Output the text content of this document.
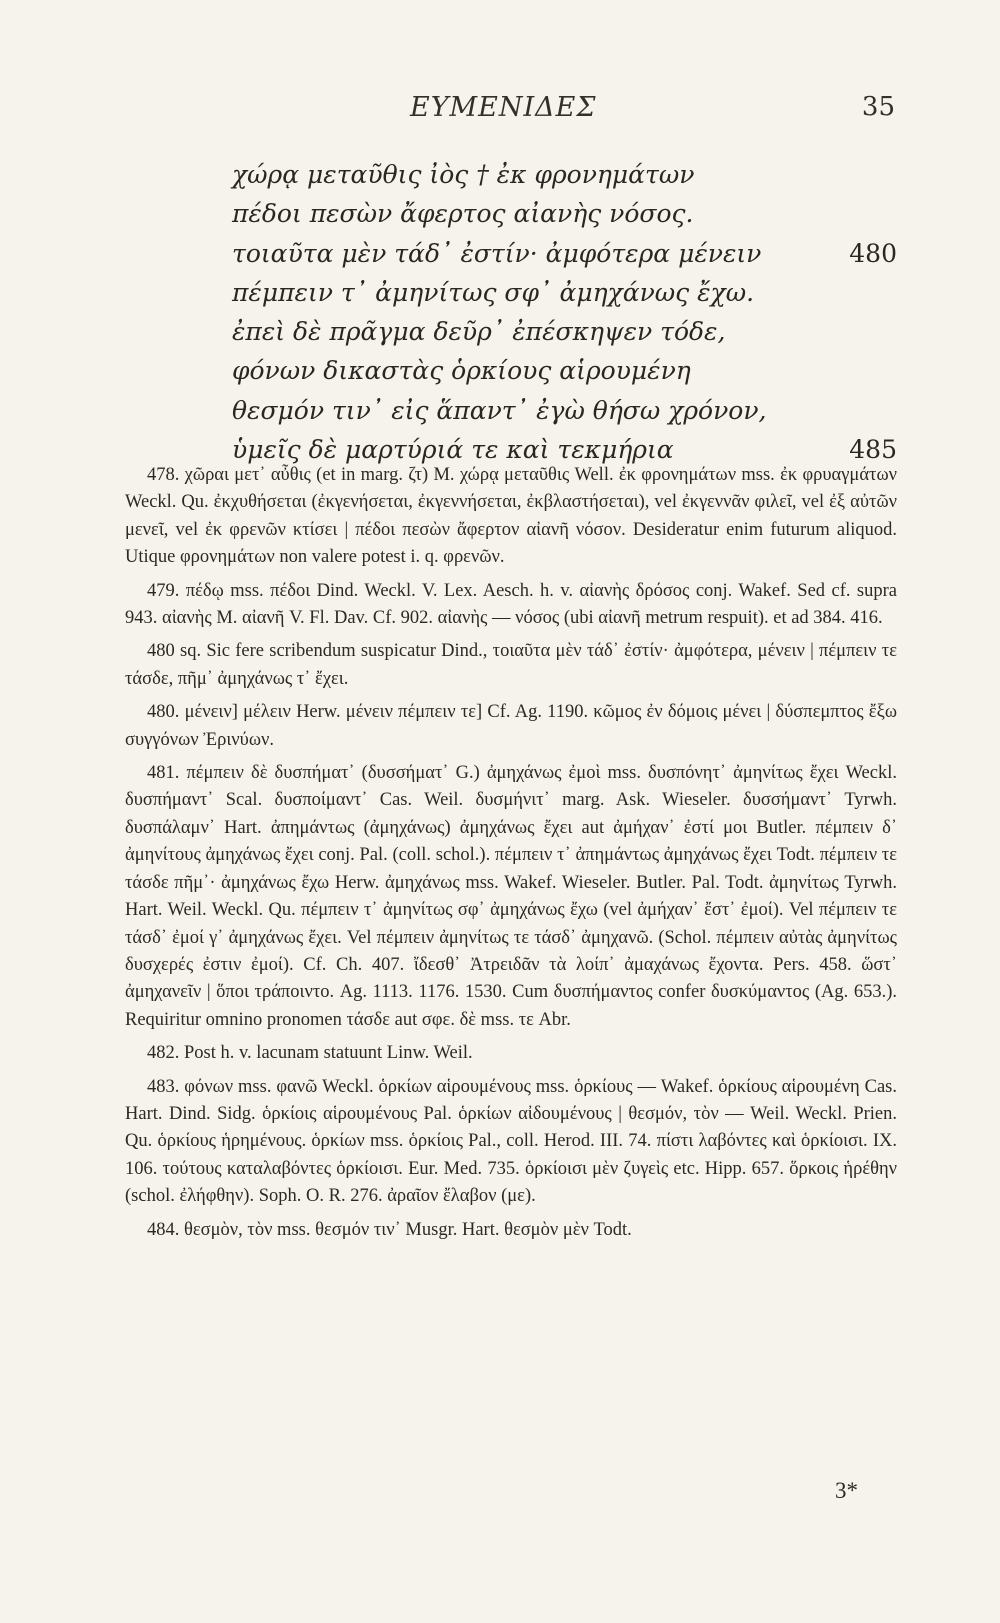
ΕΥΜΕΝΙΔΕΣ	35
χώρᾳ μεταῦθις ἰὸς † ἐκ φρονημάτων
πέδοι πεσὼν ἄφερτος αἰανὴς νόσος.
τοιαῦτα μὲν τάδ᾽ ἐστίν· ἀμφότερα μένειν	480
πέμπειν τ᾽ ἀμηνίτως σφ᾽ ἀμηχάνως ἔχω.
ἐπεὶ δὲ πρᾶγμα δεῦρ᾽ ἐπέσκηψεν τόδε,
φόνων δικαστὰς ὁρκίους αἱρουμένη
θεσμόν τιν᾽ εἰς ἅπαντ᾽ ἐγὼ θήσω χρόνον,
ὑμεῖς δὲ μαρτύριά τε καὶ τεκμήρια	485

478. χῶραι μετ᾽ αὖθις (et in marg. ζτ) M. χώρᾳ μεταῦθις Well. ἐκ φρονημάτων mss. ἐκ φρυαγμάτων Weckl. Qu. ἐκχυθήσεται (ἐκγενήσεται, ἐκγεννήσεται, ἐκβλαστήσεται), vel ἐκγεννᾶν φιλεῖ, vel ἐξ αὐτῶν μενεῖ, vel ἐκ φρενῶν κτίσει | πέδοι πεσὼν ἄφερτον αἰανῆ νόσον. Desideratur enim futurum aliquod. Utique φρονημάτων non valere potest i. q. φρενῶν.

479. πέδῳ mss. πέδοι Dind. Weckl. V. Lex. Aesch. h. v. αἰανὴς δρόσος conj. Wakef. Sed cf. supra 943. αἰανὴς M. αἰανῆ V. Fl. Dav. Cf. 902. αἰανὴς — νόσος (ubi αἰανῆ metrum respuit). et ad 384. 416.

480 sq. Sic fere scribendum suspicatur Dind., τοιαῦτα μὲν τάδ᾽ ἐστίν· ἀμφότερα, μένειν | πέμπειν τε τάσδε, πῆμ᾽ ἀμηχάνως τ᾽ ἔχει.

480. μένειν] μέλειν Herw. μένειν πέμπειν τε] Cf. Ag. 1190. κῶμος ἐν δόμοις μένει | δύσπεμπτος ἔξω συγγόνων Ἐρινύων.

481. πέμπειν δὲ δυσπήματ᾽ (δυσσήματ᾽ G.) ἀμηχάνως ἐμοὶ mss. δυσπόνητ᾽ ἀμηνίτως ἔχει Weckl. δυσπήμαντ᾽ Scal. δυσποίμαντ᾽ Cas. Weil. δυσμήνιτ᾽ marg. Ask. Wieseler. δυσσήμαντ᾽ Tyrwh. δυσπάλαμν᾽ Hart. ἀπημάντως (ἀμηχάνως) ἀμηχάνως ἔχει aut ἀμήχαν᾽ ἐστί μοι Butler. πέμπειν δ᾽ ἀμηνίτους ἀμηχάνως ἔχει conj. Pal. (coll. schol.). πέμπειν τ᾽ ἀπημάντως ἀμηχάνως ἔχει Todt. πέμπειν τε τάσδε πῆμ᾽· ἀμηχάνως ἔχω Herw. ἀμηχάνως mss. Wakef. Wieseler. Butler. Pal. Todt. ἀμηνίτως Tyrwh. Hart. Weil. Weckl. Qu. πέμπειν τ᾽ ἀμηνίτως σφ᾽ ἀμηχάνως ἔχω (vel ἀμήχαν᾽ ἔστ᾽ ἐμοί). Vel πέμπειν τε τάσδ᾽ ἐμοί γ᾽ ἀμηχάνως ἔχει. Vel πέμπειν ἀμηνίτως τε τάσδ᾽ ἀμηχανῶ. (Schol. πέμπειν αὐτὰς ἀμηνίτως δυσχερές ἐστιν ἐμοί). Cf. Ch. 407. ἴδεσθ᾽ Ἀτρειδᾶν τὰ λοίπ᾽ ἀμαχάνως ἔχοντα. Pers. 458. ὥστ᾽ ἀμηχανεῖν | ὅποι τράποιντο. Ag. 1113. 1176. 1530. Cum δυσπήμαντος confer δυσκύμαντος (Ag. 653.). Requiritur omnino pronomen τάσδε aut σφε. δὲ mss. τε Abr.

482. Post h. v. lacunam statuunt Linw. Weil.

483. φόνων mss. φανῶ Weckl. ὁρκίων αἱρουμένους mss. ὁρκίους — Wakef. ὁρκίους αἱρουμένη Cas. Hart. Dind. Sidg. ὁρκίοις αἱρουμένους Pal. ὁρκίων αἰδουμένους | θεσμόν, τὸν — Weil. Weckl. Prien. Qu. ὁρκίους ἡρημένους. ὁρκίων mss. ὁρκίοις Pal., coll. Herod. III. 74. πίστι λαβόντες καὶ ὁρκίοισι. IX. 106. τούτους καταλαβόντες ὁρκίοισι. Eur. Med. 735. ὁρκίοισι μὲν ζυγεὶς etc. Hipp. 657. ὅρκοις ἡρέθην (schol. ἐλήφθην). Soph. O. R. 276. ἀραῖον ἔλαβον (με).

484. θεσμὸν, τὸν mss. θεσμόν τιν᾽ Musgr. Hart. θεσμὸν μὲν Todt.

3*
